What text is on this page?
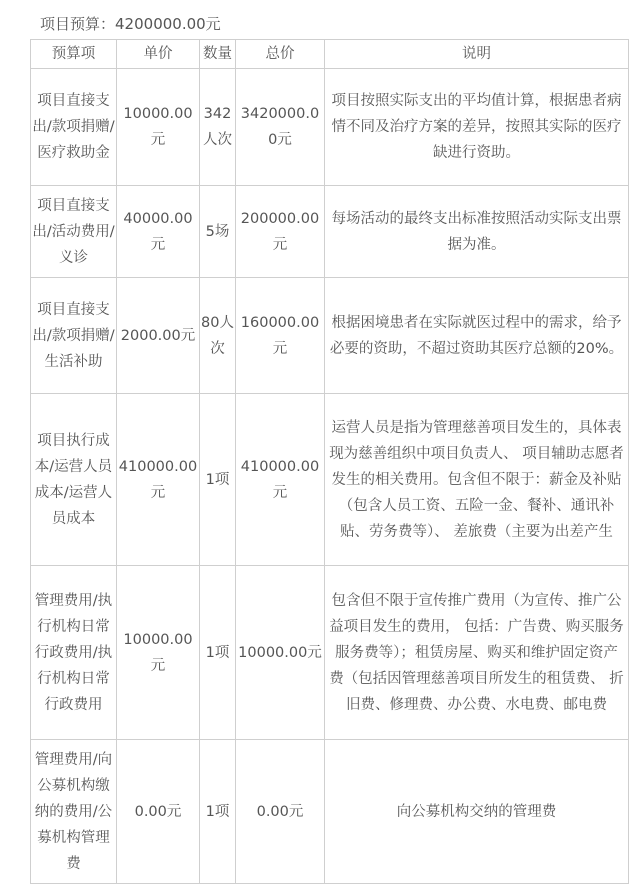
项目预算：4200000.00元
预算项	单价	数量	总价	说明
项目直接支出/款项捐赠/医疗救助金	10000.00元	342人次	3420000.00元	项目按照实际支出的平均值计算，根据患者病情不同及治疗方案的差异，按照其实际的医疗缺进行资助。
项目直接支出/活动费用/义诊	40000.00元	5场	200000.00元	每场活动的最终支出标准按照活动实际支出票据为准。
项目直接支出/款项捐赠/生活补助	2000.00元	80人次	160000.00元	根据困境患者在实际就医过程中的需求，给予必要的资助，不超过资助其医疗总额的20%。
项目执行成本/运营人员成本/运营人员成本	410000.00元	1项	410000.00元	运营人员是指为管理慈善项目发生的，具体表现为慈善组织中项目负责人、 项目辅助志愿者发生的相关费用。包含但不限于：薪金及补贴（包含人员工资、五险一金、餐补、通讯补贴、劳务费等）、 差旅费（主要为出差产生
管理费用/执行机构日常行政费用/执行机构日常行政费用	10000.00元	1项	10000.00元	包含但不限于宣传推广费用（为宣传、推广公益项目发生的费用， 包括：广告费、购买服务服务费等）；租赁房屋、购买和维护固定资产费（包括因管理慈善项目所发生的租赁费、 折旧费、修理费、办公费、水电费、邮电费
管理费用/向公募机构缴纳的费用/公募机构管理费	0.00元	1项	0.00元	向公募机构交纳的管理费
